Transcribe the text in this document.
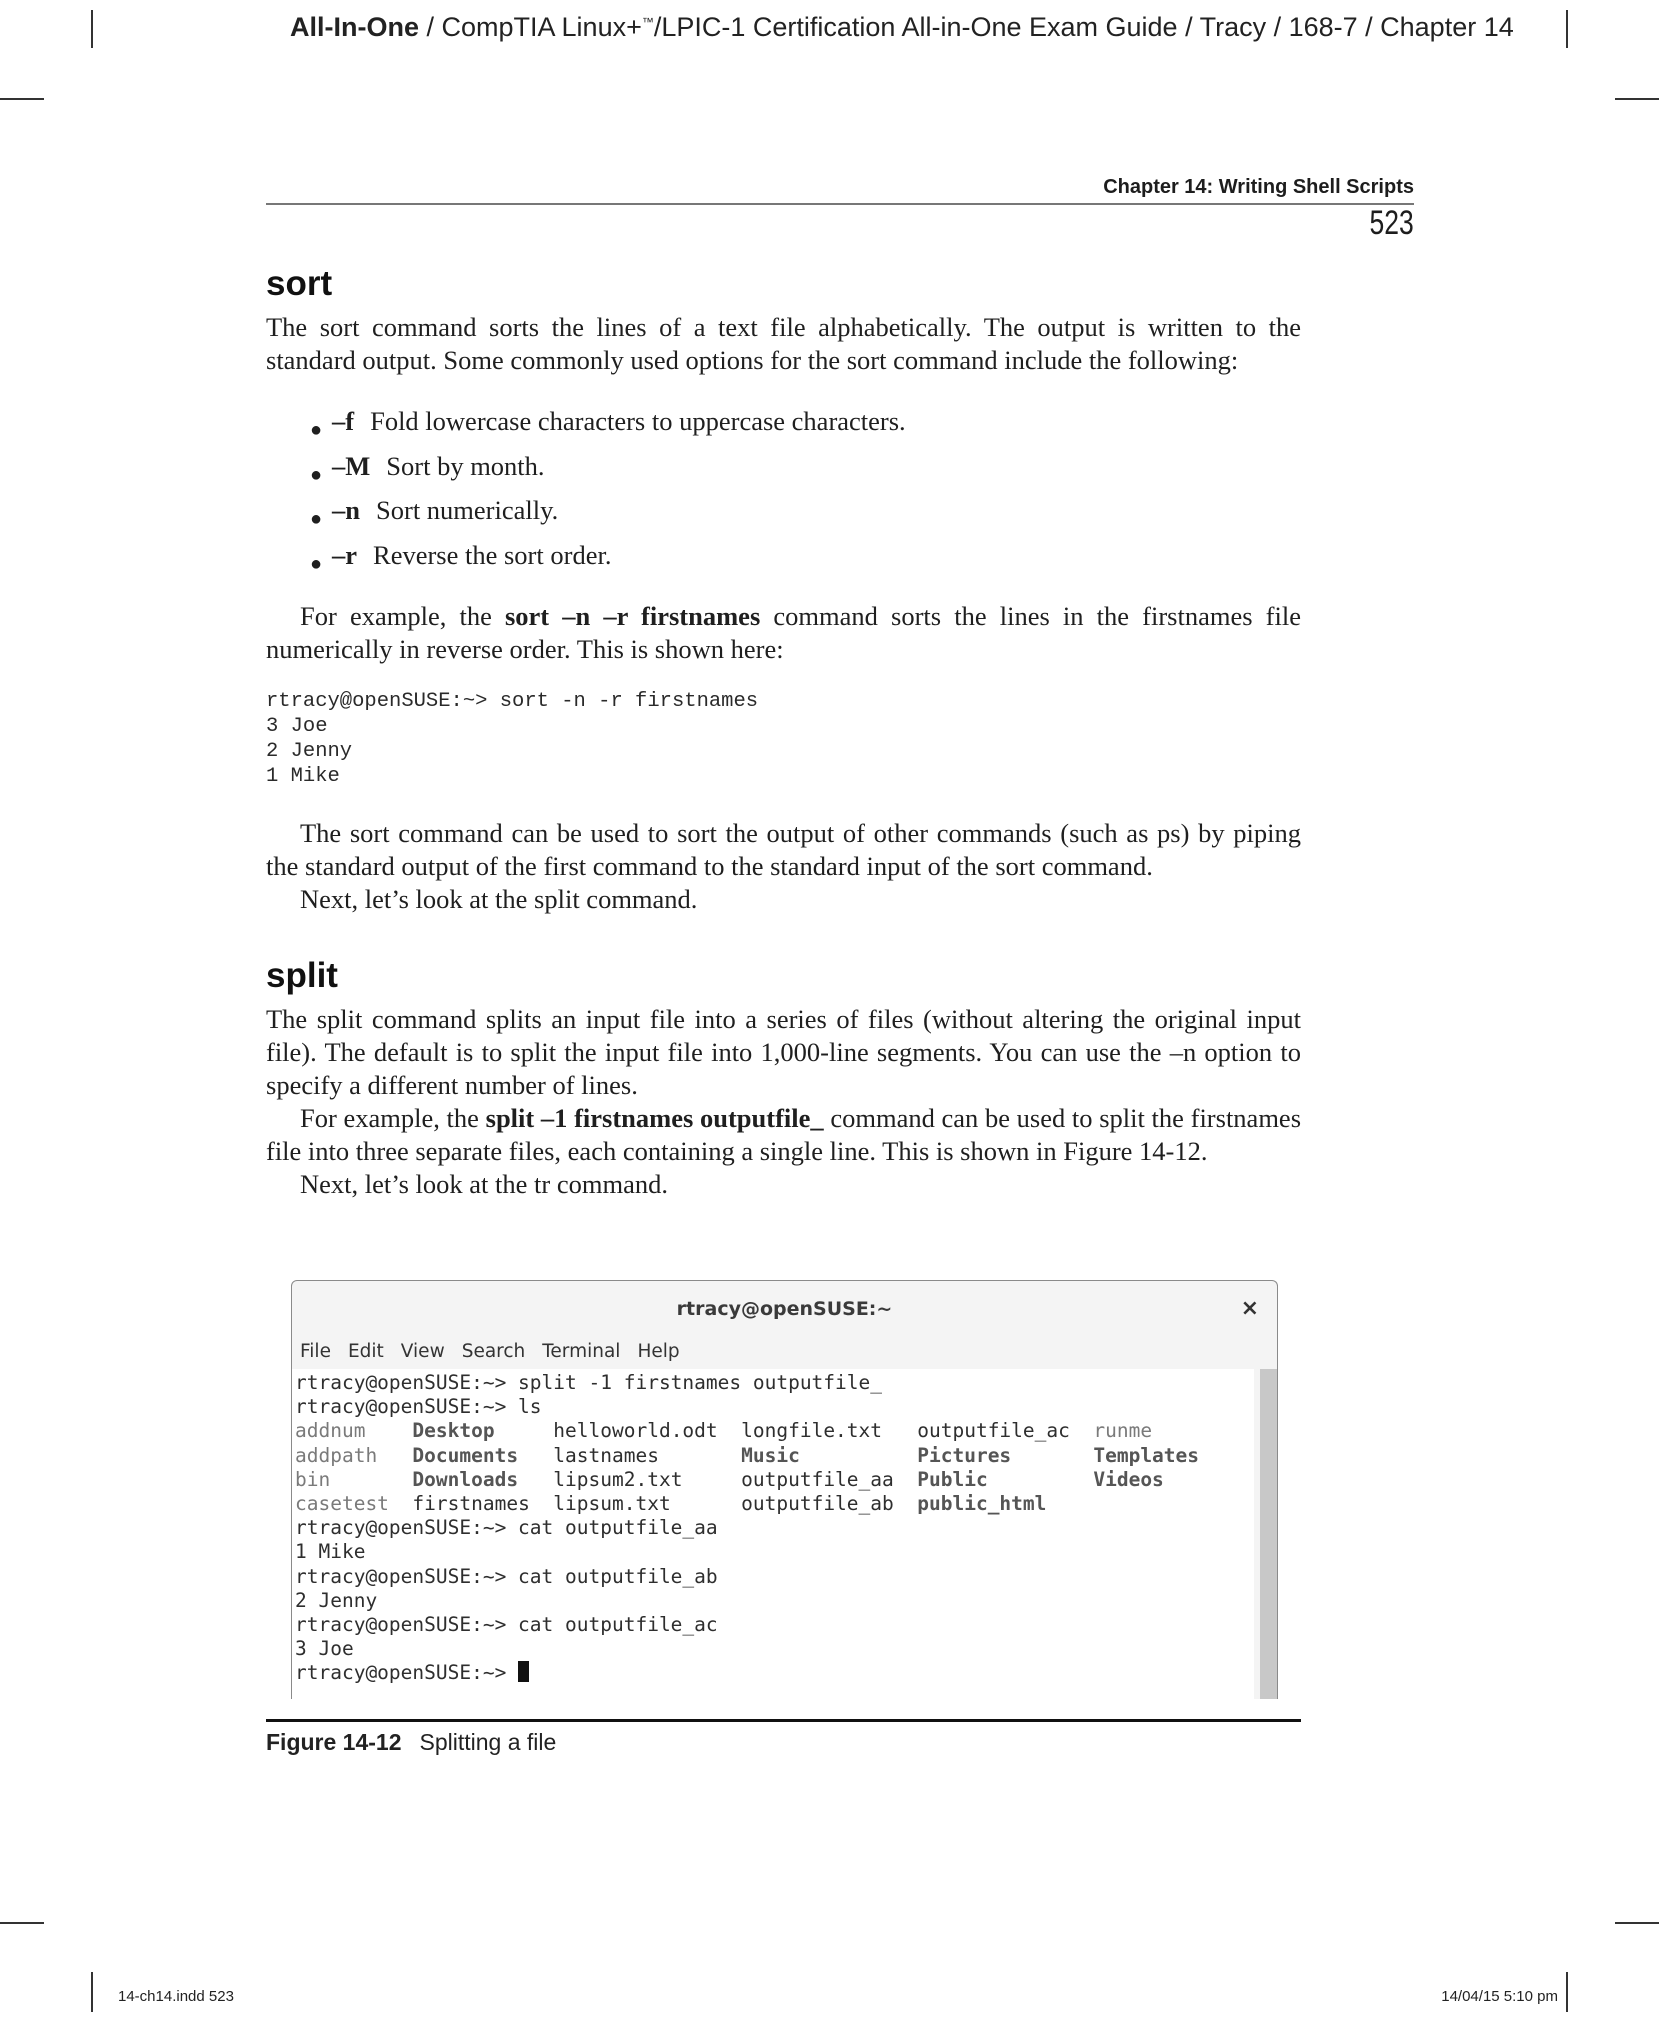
All-In-One / CompTIA Linux+™/LPIC-1 Certification All-in-One Exam Guide / Tracy / 168-7 / Chapter 14
Chapter 14: Writing Shell Scripts
523
sort

The sort command sorts the lines of a text file alphabetically. The output is written to the standard output. Some commonly used options for the sort command include the following:

● –f Fold lowercase characters to uppercase characters.
● –M Sort by month.
● –n Sort numerically.
● –r Reverse the sort order.

For example, the sort –n –r firstnames command sorts the lines in the firstnames file numerically in reverse order. This is shown here:

rtracy@openSUSE:~> sort -n -r firstnames
3 Joe
2 Jenny
1 Mike

The sort command can be used to sort the output of other commands (such as ps) by piping the standard output of the first command to the standard input of the sort command.

Next, let’s look at the split command.

split

The split command splits an input file into a series of files (without altering the original input file). The default is to split the input file into 1,000-line segments. You can use the –n option to specify a different number of lines.

For example, the split –1 firstnames outputfile_ command can be used to split the firstnames file into three separate files, each containing a single line. This is shown in Figure 14-12.

Next, let’s look at the tr command.

rtracy@openSUSE:~	×
File Edit View Search Terminal Help
rtracy@openSUSE:~> split -1 firstnames outputfile_
rtracy@openSUSE:~> ls
addnum    Desktop     helloworld.odt  longfile.txt   outputfile_ac  runme
addpath   Documents   lastnames       Music          Pictures       Templates
bin       Downloads   lipsum2.txt     outputfile_aa  Public         Videos
casetest  firstnames  lipsum.txt      outputfile_ab  public_html
rtracy@openSUSE:~> cat outputfile_aa
1 Mike
rtracy@openSUSE:~> cat outputfile_ab
2 Jenny
rtracy@openSUSE:~> cat outputfile_ac
3 Joe
rtracy@openSUSE:~>
Figure 14-12 Splitting a file
14-ch14.indd 523	14/04/15 5:10 pm
